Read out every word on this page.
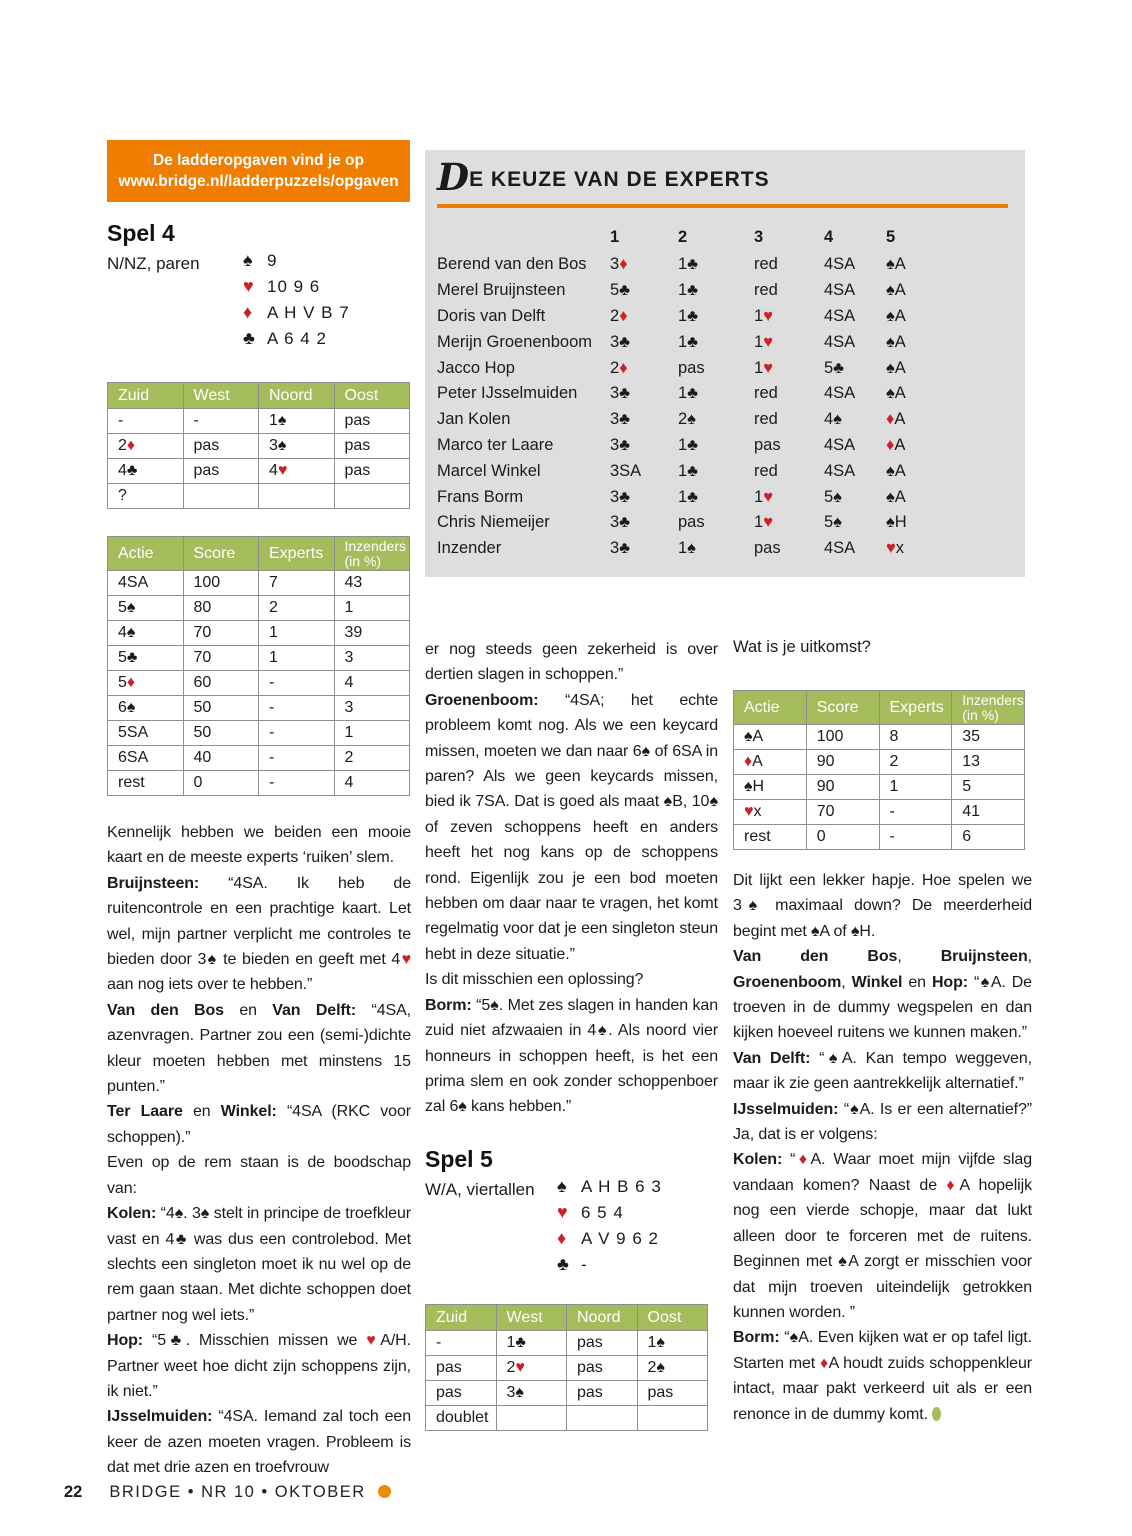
De ladderopgaven vind je op
www.bridge.nl/ladderpuzzels/opgaven
Spel 4
N/NZ, paren ♠ 9
♥ 10 9 6
♦ A H V B 7
♣ A 6 4 2
Zuid	West	Noord	Oost
-	-	1♠	pas
2♦	pas	3♠	pas
4♣	pas	4♥	pas
?			
Actie	Score	Experts	Inzenders
(in %)
4SA	100	7	43
5♠	80	2	1
4♠	70	1	39
5♣	70	1	3
5♦	60	-	4
6♠	50	-	3
5SA	50	-	1
6SA	40	-	2
rest	0	-	4
DE KEUZE VAN DE EXPERTS
1	2	3	4	5
Berend van den Bos	3♦	1♣	red	4SA	♠A
Merel Bruijnsteen	5♣	1♣	red	4SA	♠A
Doris van Delft	2♦	1♣	1♥	4SA	♠A
Merijn Groenenboom	3♣	1♣	1♥	4SA	♠A
Jacco Hop	2♦	pas	1♥	5♣	♠A
Peter IJsselmuiden	3♣	1♣	red	4SA	♠A
Jan Kolen	3♣	2♠	red	4♠	♦A
Marco ter Laare	3♣	1♣	pas	4SA	♦A
Marcel Winkel	3SA	1♣	red	4SA	♠A
Frans Borm	3♣	1♣	1♥	5♠	♠A
Chris Niemeijer	3♣	pas	1♥	5♠	♠H
Inzender	3♣	1♠	pas	4SA	♥x

Kennelijk hebben we beiden een mooie kaart en de meeste experts ‘ruiken’ slem.

Bruijnsteen: “4SA. Ik heb de ruitencontrole en een prachtige kaart. Let wel, mijn partner verplicht me controles te bieden door 3♠ te bieden en geeft met 4♥ aan nog iets over te hebben.”

Van den Bos en Van Delft: “4SA, azenvragen. Partner zou een (semi-)dichte kleur moeten hebben met minstens 15 punten.”

Ter Laare en Winkel: “4SA (RKC voor schoppen).”

Even op de rem staan is de boodschap van:

Kolen: “4♠. 3♠ stelt in principe de troefkleur vast en 4♣ was dus een controlebod. Met slechts een singleton moet ik nu wel op de rem gaan staan. Met dichte schoppen doet partner nog wel iets.”

Hop: “5♣. Misschien missen we ♥A/H. Partner weet hoe dicht zijn schoppens zijn, ik niet.”

IJsselmuiden: “4SA. Iemand zal toch een keer de azen moeten vragen. Probleem is dat met drie azen en troefvrouw

er nog steeds geen zekerheid is over dertien slagen in schoppen.”

Groenenboom: “4SA; het echte probleem komt nog. Als we een keycard missen, moeten we dan naar 6♠ of 6SA in paren? Als we geen keycards missen, bied ik 7SA. Dat is goed als maat ♠B, 10♠ of zeven schoppens heeft en anders heeft het nog kans op de schoppens rond. Eigenlijk zou je een bod moeten hebben om daar naar te vragen, het komt regelmatig voor dat je een singleton steun hebt in deze situatie.”

Is dit misschien een oplossing?

Borm: “5♠. Met zes slagen in handen kan zuid niet afzwaaien in 4♠. Als noord vier honneurs in schoppen heeft, is het een prima slem en ook zonder schoppenboer zal 6♠ kans hebben.”

Spel 5
W/A, viertallen ♠ A H B 6 3
♥ 6 5 4
♦ A V 9 6 2
♣ -
Zuid	West	Noord	Oost
-	1♣	pas	1♠
pas	2♥	pas	2♠
pas	3♠	pas	pas
doublet			
Wat is je uitkomst?
Actie	Score	Experts	Inzenders
(in %)
♠A	100	8	35
♦A	90	2	13
♠H	90	1	5
♥x	70	-	41
rest	0	-	6

Dit lijkt een lekker hapje. Hoe spelen we 3♠ maximaal down? De meerderheid begint met ♠A of ♠H.

Van den Bos, Bruijnsteen, Groenenboom, Winkel en Hop: “♠A. De troeven in de dummy wegspelen en dan kijken hoeveel ruitens we kunnen maken.”

Van Delft: “♠A. Kan tempo weggeven, maar ik zie geen aantrekkelijk alternatief.”

IJsselmuiden: “♠A. Is er een alternatief?” Ja, dat is er volgens:

Kolen: “♦A. Waar moet mijn vijfde slag vandaan komen? Naast de ♦A hopelijk nog een vierde schopje, maar dat lukt alleen door te forceren met de ruitens. Beginnen met ♠A zorgt er misschien voor dat mijn troeven uiteindelijk getrokken kunnen worden. ”

Borm: “♠A. Even kijken wat er op tafel ligt. Starten met ♦A houdt zuids schoppenkleur intact, maar pakt verkeerd uit als er een renonce in de dummy komt.

22 BRIDGE • NR 10 • OKTOBER
